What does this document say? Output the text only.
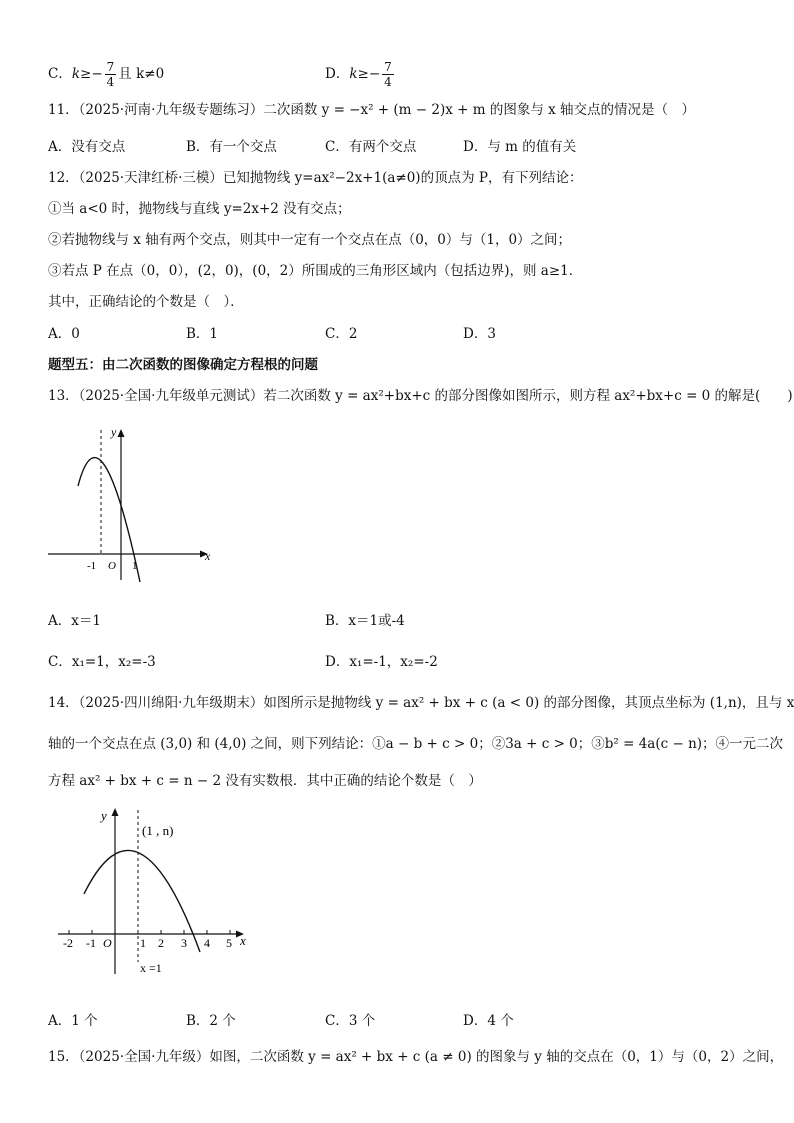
C．$k\ge- \frac{7}{4}$ 且 k≠0	D．$k\ge- \frac{7}{4}$
11．（2025·河南·九年级专题练习）二次函数 y = −x² + (m − 2)x + m 的图象与 x 轴交点的情况是（　）
A．没有交点	B．有一个交点	C．有两个交点	D．与 m 的值有关
12．（2025·天津红桥·三模）已知抛物线 y=ax²−2x+1(a≠0)的顶点为 P，有下列结论：
①当 a<0 时，抛物线与直线 y=2x+2 没有交点；
②若抛物线与 x 轴有两个交点，则其中一定有一个交点在点（0，0）与（1，0）之间；
③若点 P 在点（0，0），(2，0)，(0，2）所围成的三角形区域内（包括边界)，则 a≥1．
其中，正确结论的个数是（　）．
A．0	B．1	C．2	D．3
题型五：由二次函数的图像确定方程根的问题
13．（2025·全国·九年级单元测试）若二次函数 y = ax²+bx+c 的部分图像如图所示，则方程 ax²+bx+c = 0 的解是(　　)
y
x
-1 O 1
A．x＝1	B．x＝1或-4
C．x₁=1，x₂=-3	D．x₁=-1，x₂=-2
14．（2025·四川绵阳·九年级期末）如图所示是抛物线 y = ax² + bx + c (a < 0) 的部分图像，其顶点坐标为 (1,n)，且与 x
轴的一个交点在点 (3,0) 和 (4,0) 之间，则下列结论：①a − b + c > 0；②3a + c > 0；③b² = 4a(c − n)；④一元二次
方程 ax² + bx + c = n − 2 没有实数根．其中正确的结论个数是（　）
y
x
(1 , n)
-2 -1 O 1 2 3 4 5
x =1
A．1 个	B．2 个	C．3 个	D．4 个
15．（2025·全国·九年级）如图，二次函数 y = ax² + bx + c (a ≠ 0) 的图象与 y 轴的交点在（0，1）与（0，2）之间，
